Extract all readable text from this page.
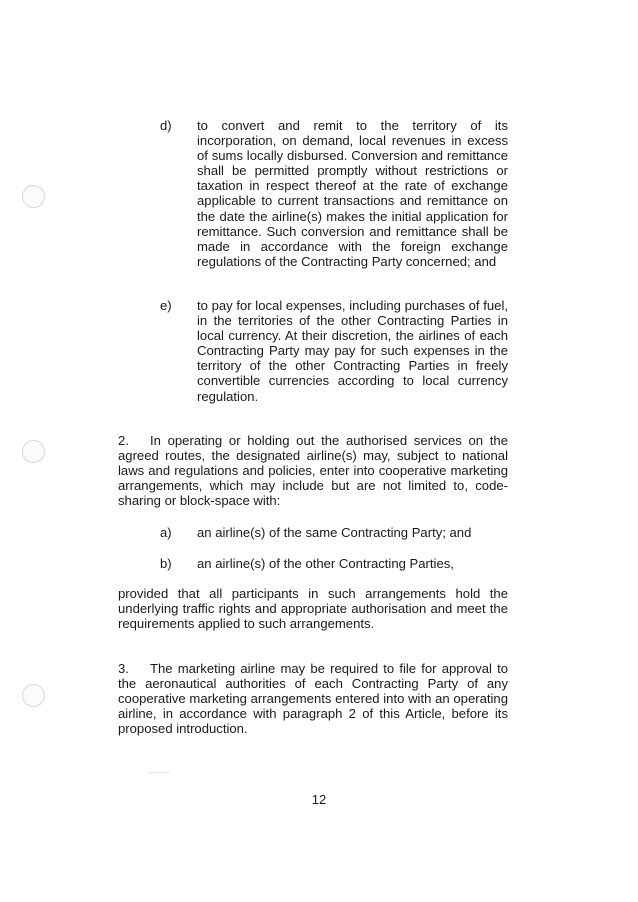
d) to convert and remit to the territory of its incorporation, on demand, local revenues in excess of sums locally disbursed. Conversion and remittance shall be permitted promptly without restrictions or taxation in respect thereof at the rate of exchange applicable to current transactions and remittance on the date the airline(s) makes the initial application for remittance. Such conversion and remittance shall be made in accordance with the foreign exchange regulations of the Contracting Party concerned; and
e) to pay for local expenses, including purchases of fuel, in the territories of the other Contracting Parties in local currency. At their discretion, the airlines of each Contracting Party may pay for such expenses in the territory of the other Contracting Parties in freely convertible currencies according to local currency regulation.
2. In operating or holding out the authorised services on the agreed routes, the designated airline(s) may, subject to national laws and regulations and policies, enter into cooperative marketing arrangements, which may include but are not limited to, code-sharing or block-space with:
a) an airline(s) of the same Contracting Party; and
b) an airline(s) of the other Contracting Parties,
provided that all participants in such arrangements hold the underlying traffic rights and appropriate authorisation and meet the requirements applied to such arrangements.
3. The marketing airline may be required to file for approval to the aeronautical authorities of each Contracting Party of any cooperative marketing arrangements entered into with an operating airline, in accordance with paragraph 2 of this Article, before its proposed introduction.
12
